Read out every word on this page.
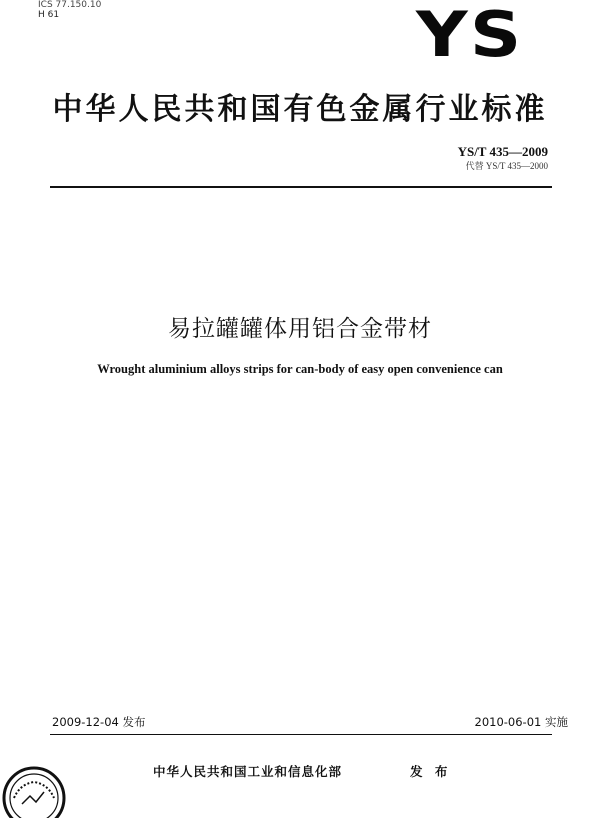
ICS 77.150.10
H 61	YS
中华人民共和国有色金属行业标准
YS/T 435—2009
代替 YS/T 435—2000
易拉罐罐体用铝合金带材
Wrought aluminium alloys strips for can-body of easy open convenience can
2009-12-04 发布	2010-06-01 实施
中华人民共和国工业和信息化部	发 布
